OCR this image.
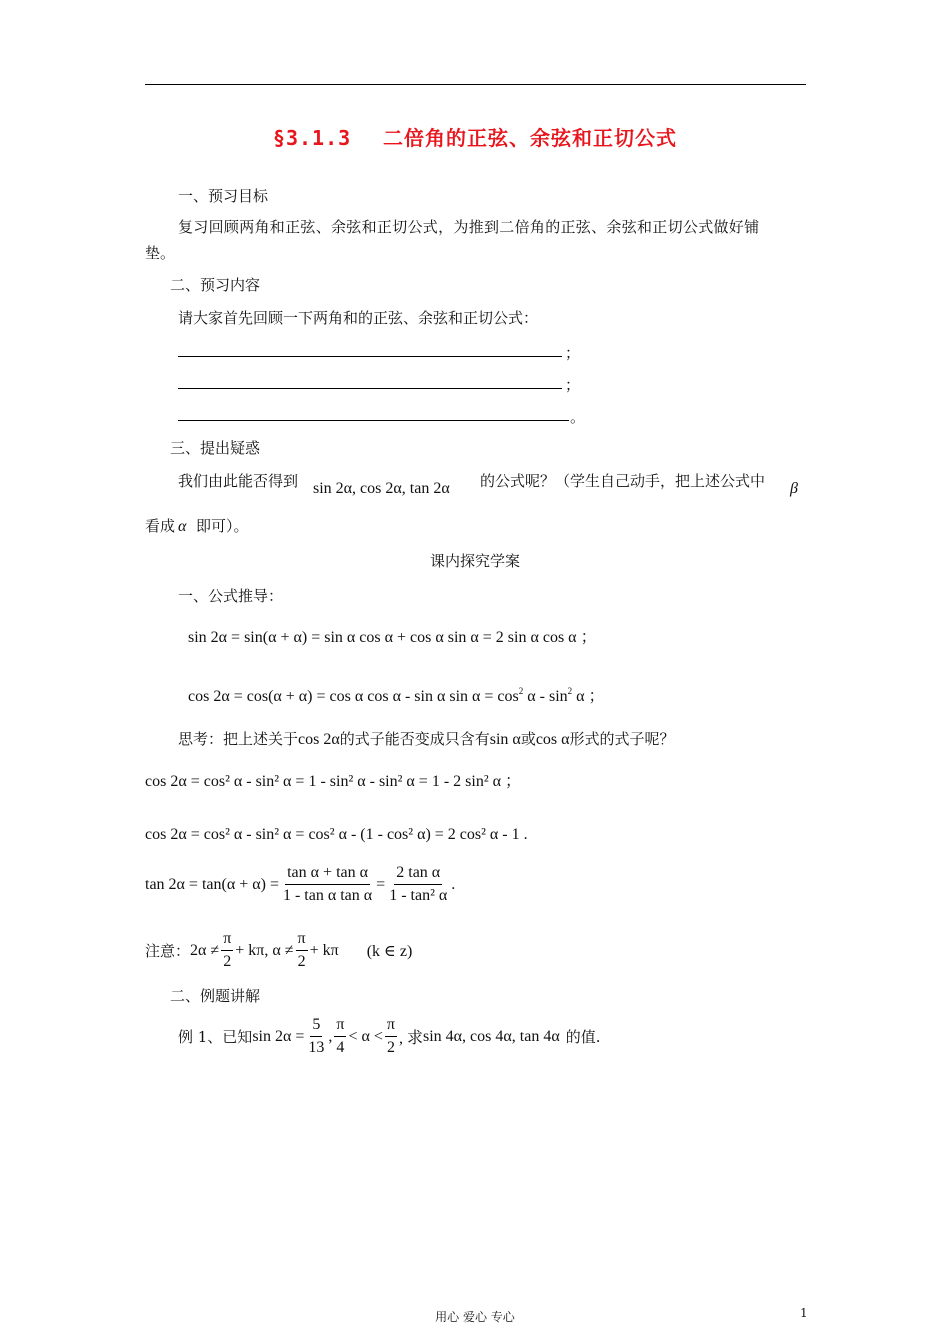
§3.1.3 二倍角的正弦、余弦和正切公式
一、预习目标
复习回顾两角和正弦、余弦和正切公式，为推到二倍角的正弦、余弦和正切公式做好铺
垫。
二、预习内容
请大家首先回顾一下两角和的正弦、余弦和正切公式：
；
；
。
三、提出疑惑
我们由此能否得到 sin 2α, cos 2α, tan 2α 的公式呢？（学生自己动手，把上述公式中 β
看成 α 即可）。
课内探究学案
一、公式推导：
sin 2α = sin(α + α) = sin α cos α + cos α sin α = 2 sin α cos α ；
cos 2α = cos(α + α) = cos α cos α - sin α $\sin \alpha = \cos^2 \alpha - \sin^2 \alpha$ ；
思考：把上述关于cos 2α的式子能否变成只含有sin α或cos α形式的式子呢？
cos 2α = cos² α - sin² α = 1 - sin² α - sin² α = 1 - 2 sin² α ；
cos 2α = cos² α - sin² α = cos² α - (1 - cos² α) = 2 cos² α - 1 .
$\tan 2\alpha = \tan(\alpha + \alpha) = \frac{\text{tan α + tan α}}{\text{1 - tan α tan α}} = \frac{\text{2 tan α}}{\text{1 - tan² α}}$ .
注意： $2\alpha \ne \frac{\pi}{2} + k\pi$, $\alpha \ne \frac{\pi}{2} + k\pi$ (k ∈ z)
二、例题讲解
例 1、已知 $\sin 2\alpha = \frac{5}{13}$ , $\frac{\pi}{4} < \alpha < \frac{\pi}{2}$ , 求 sin 4α, cos 4α, tan 4α 的值.
用心 爱心 专心	1
